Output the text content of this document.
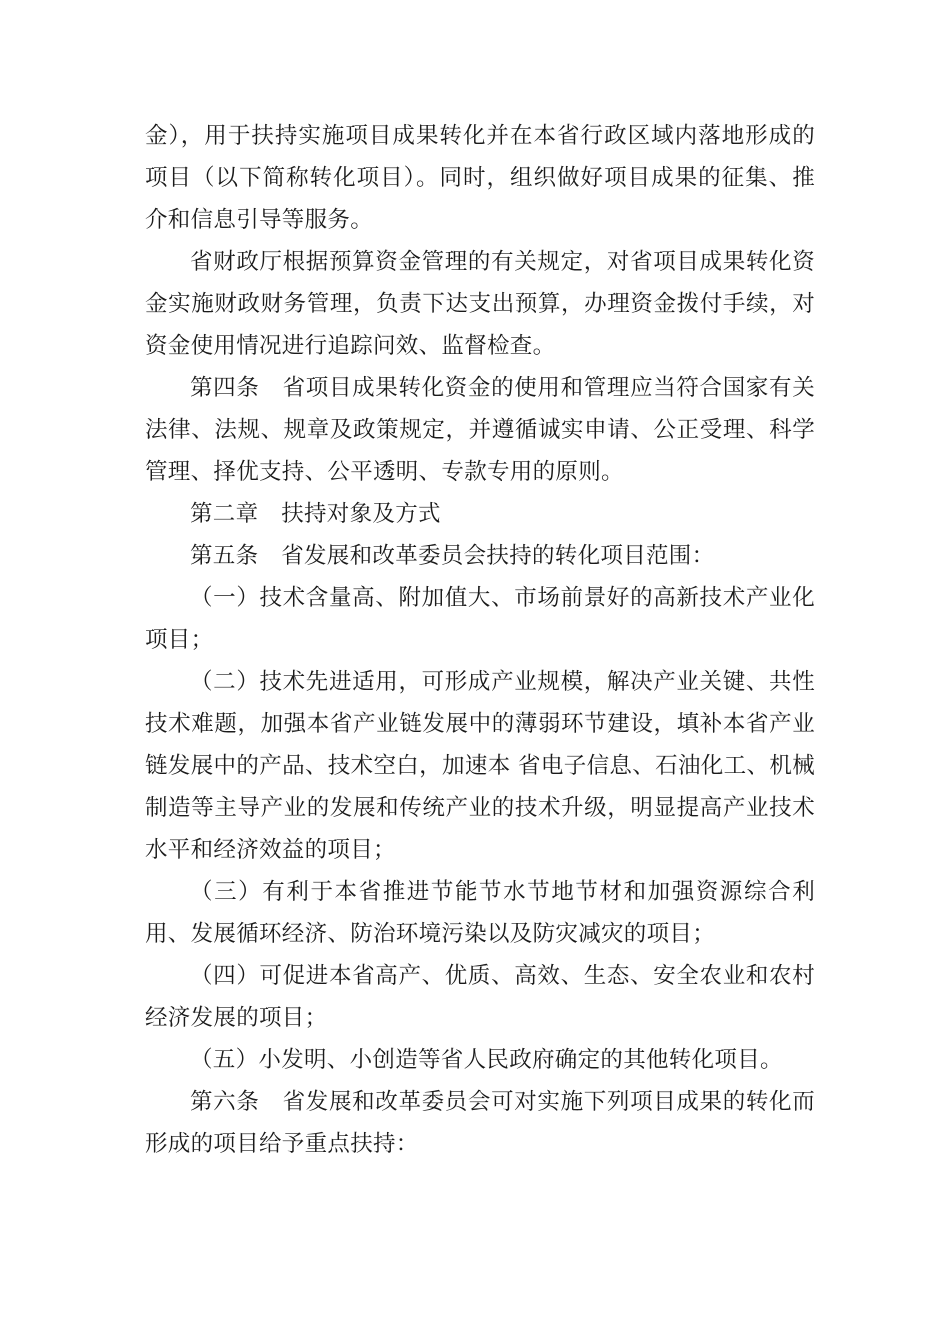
金），用于扶持实施项目成果转化并在本省行政区域内落地形成的项目（以下简称转化项目）。同时，组织做好项目成果的征集、推介和信息引导等服务。

省财政厅根据预算资金管理的有关规定，对省项目成果转化资金实施财政财务管理，负责下达支出预算，办理资金拨付手续，对资金使用情况进行追踪问效、监督检查。

第四条　省项目成果转化资金的使用和管理应当符合国家有关法律、法规、规章及政策规定，并遵循诚实申请、公正受理、科学管理、择优支持、公平透明、专款专用的原则。

第二章　扶持对象及方式

第五条　省发展和改革委员会扶持的转化项目范围：

（一）技术含量高、附加值大、市场前景好的高新技术产业化项目；

（二）技术先进适用，可形成产业规模，解决产业关键、共性技术难题，加强本省产业链发展中的薄弱环节建设，填补本省产业链发展中的产品、技术空白，加速本 省电子信息、石油化工、机械制造等主导产业的发展和传统产业的技术升级，明显提高产业技术水平和经济效益的项目；

（三）有利于本省推进节能节水节地节材和加强资源综合利用、发展循环经济、防治环境污染以及防灾减灾的项目；

（四）可促进本省高产、优质、高效、生态、安全农业和农村经济发展的项目；

（五）小发明、小创造等省人民政府确定的其他转化项目。

第六条　省发展和改革委员会可对实施下列项目成果的转化而形成的项目给予重点扶持：
